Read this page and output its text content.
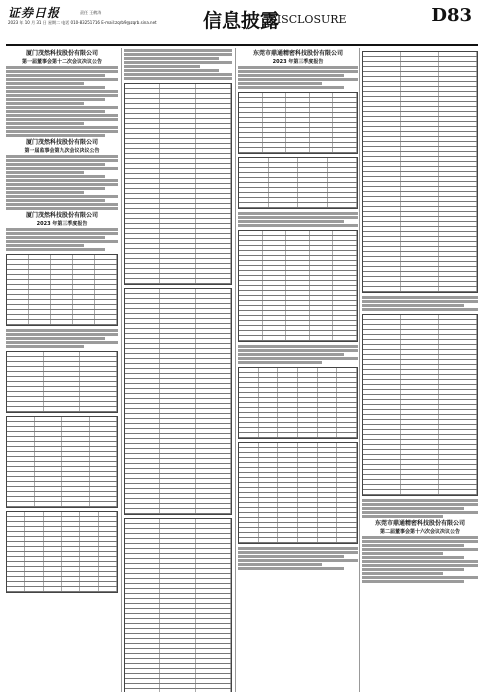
证券日报	责任 王鹤涛
2023 年 10 月 31 日 星期二 电话 010-83251716 E-mail:zqrb9@zqrb.sina.net 信息披露
DISCLOSURE	D83
厦门茂然科技股份有限公司
第一届董事会第十二次会议决议公告
厦门茂然科技股份有限公司
第一届监事会第九次会议决议公告
厦门茂然科技股份有限公司
2023 年第三季度报告
东莞市鼎通精密科技股份有限公司
2023 年第三季度报告
东莞市鼎通精密科技股份有限公司
第二届董事会第十六次会议决议公告
